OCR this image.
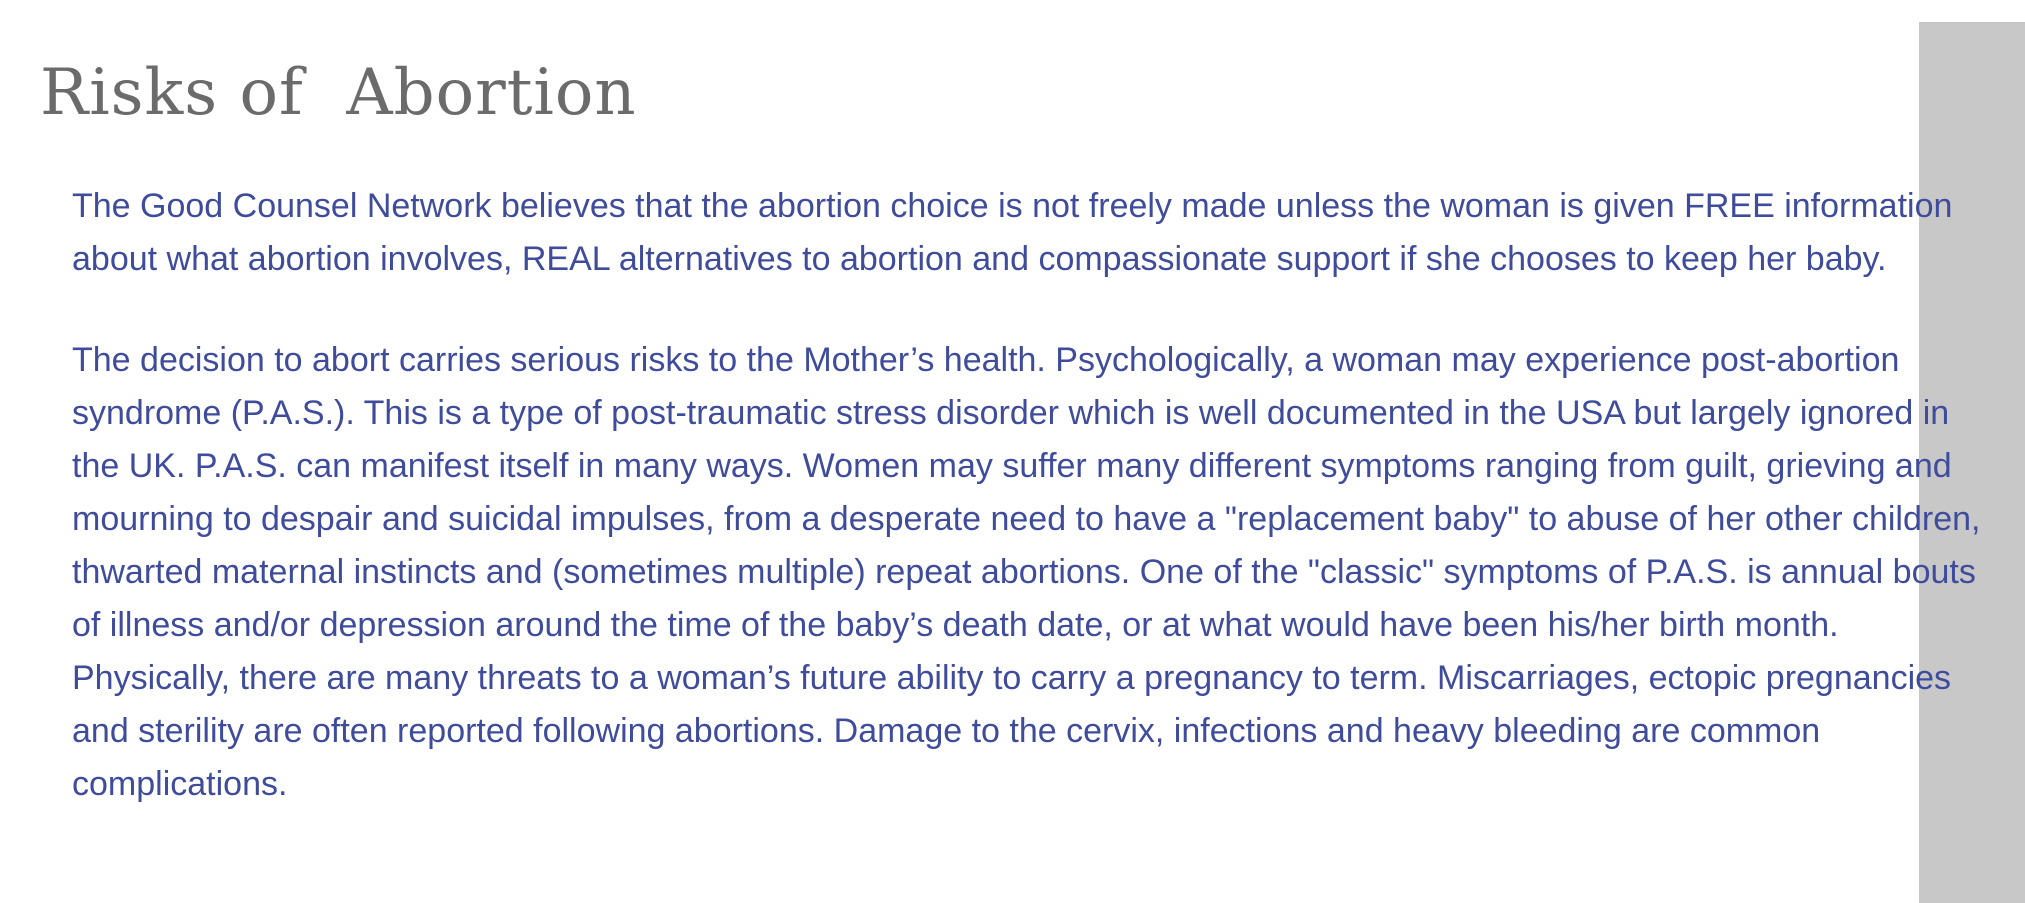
Risks of  Abortion

The Good Counsel Network believes that the abortion choice is not freely made unless the woman is given FREE information about what abortion involves, REAL alternatives to abortion and compassionate support if she chooses to keep her baby.

The decision to abort carries serious risks to the Mother’s health. Psychologically, a woman may experience post-abortion syndrome (P.A.S.). This is a type of post-traumatic stress disorder which is well documented in the USA but largely ignored in the UK. P.A.S. can manifest itself in many ways. Women may suffer many different symptoms ranging from guilt, grieving and mourning to despair and suicidal impulses, from a desperate need to have a "replacement baby" to abuse of her other children, thwarted maternal instincts and (sometimes multiple) repeat abortions. One of the "classic" symptoms of P.A.S. is annual bouts of illness and/or depression around the time of the baby’s death date, or at what would have been his/her birth month. Physically, there are many threats to a woman’s future ability to carry a pregnancy to term. Miscarriages, ectopic pregnancies and sterility are often reported following abortions. Damage to the cervix, infections and heavy bleeding are common complications.
